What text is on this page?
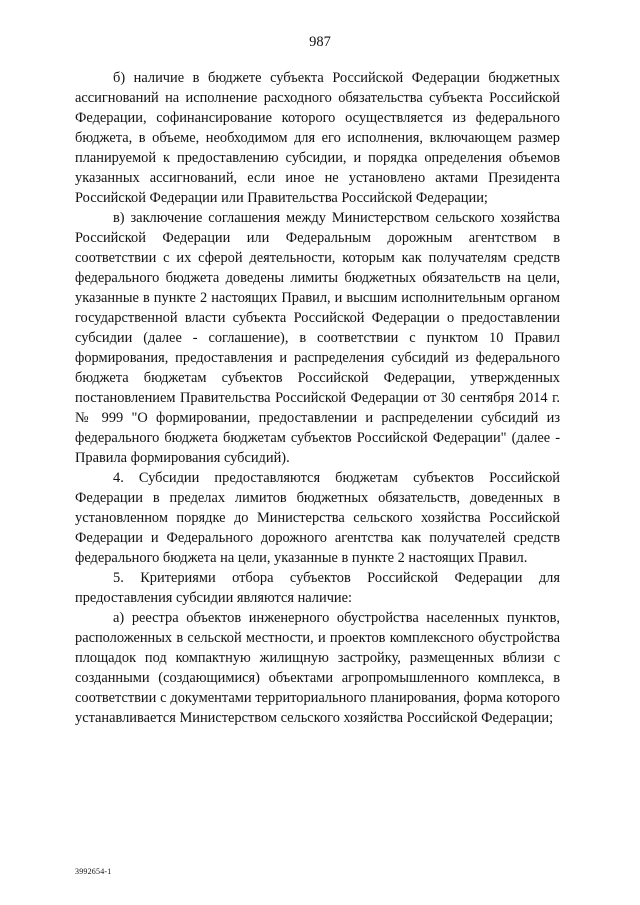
987

б) наличие в бюджете субъекта Российской Федерации бюджетных ассигнований на исполнение расходного обязательства субъекта Российской Федерации, софинансирование которого осуществляется из федерального бюджета, в объеме, необходимом для его исполнения, включающем размер планируемой к предоставлению субсидии, и порядка определения объемов указанных ассигнований, если иное не установлено актами Президента Российской Федерации или Правительства Российской Федерации;

в) заключение соглашения между Министерством сельского хозяйства Российской Федерации или Федеральным дорожным агентством в соответствии с их сферой деятельности, которым как получателям средств федерального бюджета доведены лимиты бюджетных обязательств на цели, указанные в пункте 2 настоящих Правил, и высшим исполнительным органом государственной власти субъекта Российской Федерации о предоставлении субсидии (далее - соглашение), в соответствии с пунктом 10 Правил формирования, предоставления и распределения субсидий из федерального бюджета бюджетам субъектов Российской Федерации, утвержденных постановлением Правительства Российской Федерации от 30 сентября 2014 г. № 999 "О формировании, предоставлении и распределении субсидий из федерального бюджета бюджетам субъектов Российской Федерации" (далее - Правила формирования субсидий).

4. Субсидии предоставляются бюджетам субъектов Российской Федерации в пределах лимитов бюджетных обязательств, доведенных в установленном порядке до Министерства сельского хозяйства Российской Федерации и Федерального дорожного агентства как получателей средств федерального бюджета на цели, указанные в пункте 2 настоящих Правил.

5. Критериями отбора субъектов Российской Федерации для предоставления субсидии являются наличие:

а) реестра объектов инженерного обустройства населенных пунктов, расположенных в сельской местности, и проектов комплексного обустройства площадок под компактную жилищную застройку, размещенных вблизи с созданными (создающимися) объектами агропромышленного комплекса, в соответствии с документами территориального планирования, форма которого устанавливается Министерством сельского хозяйства Российской Федерации;

3992654-1
